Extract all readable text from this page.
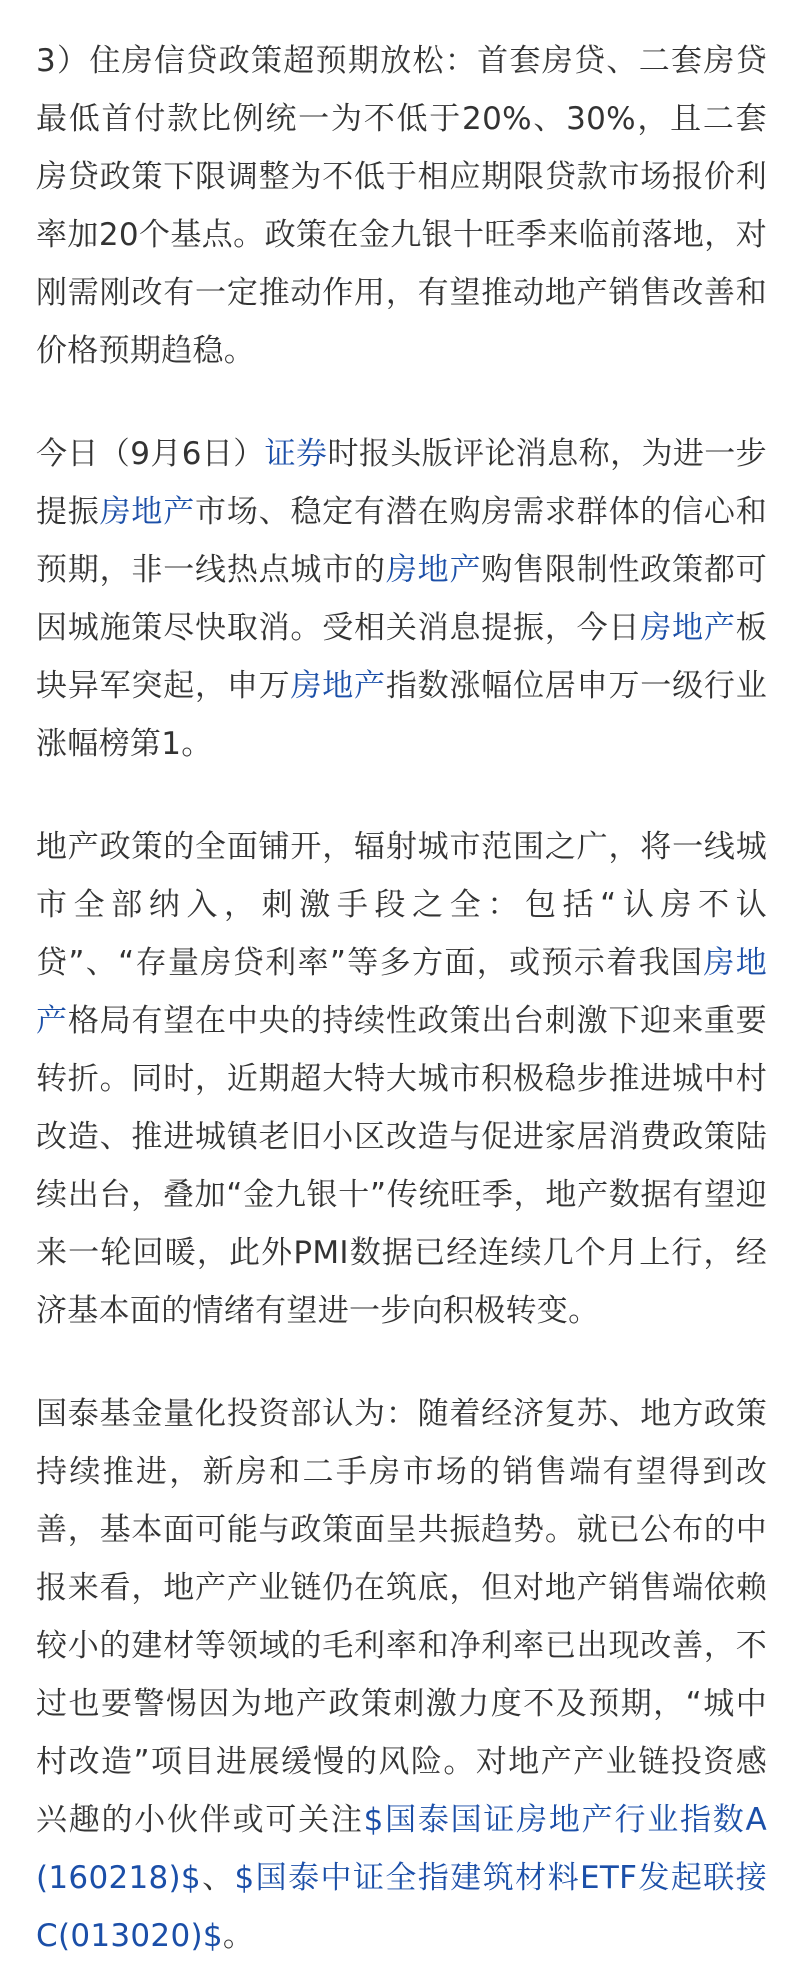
3）住房信贷政策超预期放松：首套房贷、二套房贷最低首付款比例统一为不低于20%、30%，且二套房贷政策下限调整为不低于相应期限贷款市场报价利率加20个基点。政策在金九银十旺季来临前落地，对刚需刚改有一定推动作用，有望推动地产销售改善和价格预期趋稳。

今日（9月6日）证券时报头版评论消息称，为进一步提振房地产市场、稳定有潜在购房需求群体的信心和预期，非一线热点城市的房地产购售限制性政策都可因城施策尽快取消。受相关消息提振，今日房地产板块异军突起，申万房地产指数涨幅位居申万一级行业涨幅榜第1。

地产政策的全面铺开，辐射城市范围之广，将一线城市全部纳入，刺激手段之全：包括“认房不认贷”、“存量房贷利率”等多方面，或预示着我国房地产格局有望在中央的持续性政策出台刺激下迎来重要转折。同时，近期超大特大城市积极稳步推进城中村改造、推进城镇老旧小区改造与促进家居消费政策陆续出台，叠加“金九银十”传统旺季，地产数据有望迎来一轮回暖，此外PMI数据已经连续几个月上行，经济基本面的情绪有望进一步向积极转变。

国泰基金量化投资部认为：随着经济复苏、地方政策持续推进，新房和二手房市场的销售端有望得到改善，基本面可能与政策面呈共振趋势。就已公布的中报来看，地产产业链仍在筑底，但对地产销售端依赖较小的建材等领域的毛利率和净利率已出现改善，不过也要警惕因为地产政策刺激力度不及预期，“城中村改造”项目进展缓慢的风险。对地产产业链投资感兴趣的小伙伴或可关注$国泰国证房地产行业指数A(160218)$、$国泰中证全指建筑材料ETF发起联接C(013020)$。
